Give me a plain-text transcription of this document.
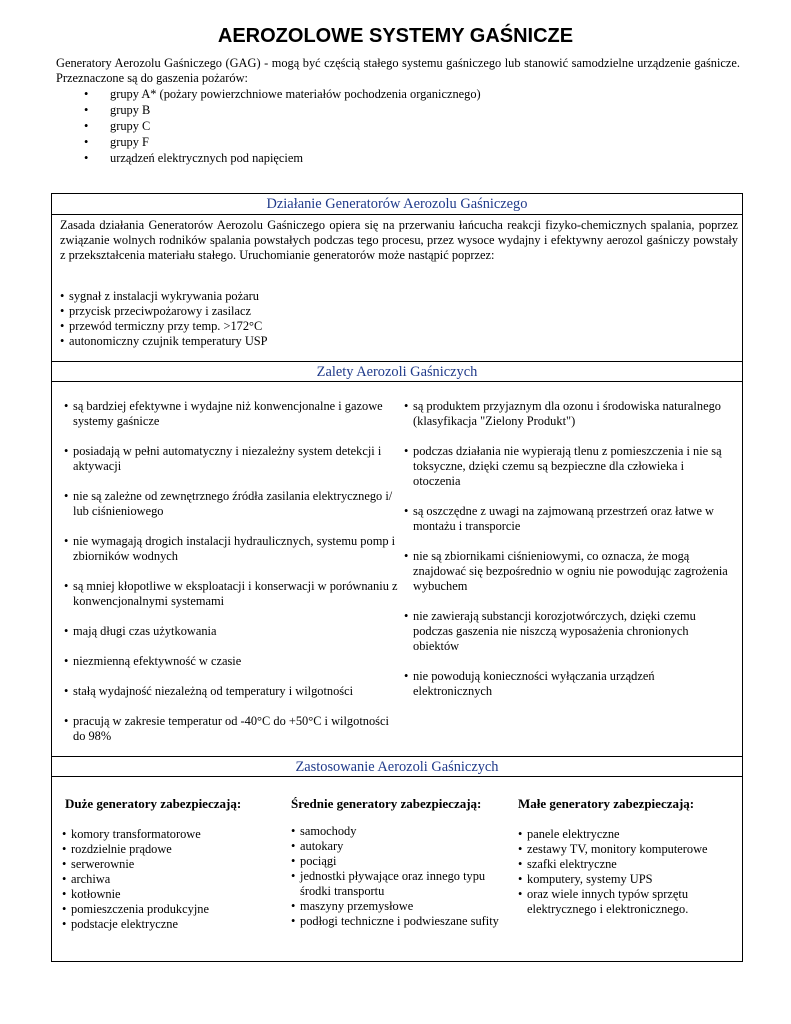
AEROZOLOWE SYSTEMY GAŚNICZE

Generatory Aerozolu Gaśniczego (GAG) - mogą być częścią stałego systemu gaśniczego lub stanowić samodzielne urządzenie gaśnicze. Przeznaczone są do gaszenia pożarów:

• grupy A* (pożary powierzchniowe materiałów pochodzenia organicznego)
• grupy B
• grupy C
• grupy F
• urządzeń elektrycznych pod napięciem
Działanie Generatorów Aerozolu Gaśniczego

Zasada działania Generatorów Aerozolu Gaśniczego opiera się na przerwaniu łańcucha reakcji fizyko-chemicznych spalania, poprzez związanie wolnych rodników spalania powstałych podczas tego procesu, przez wysoce wydajny i efektywny aerozol gaśniczy powstały z przekształcenia materiału stałego. Uruchomianie generatorów może nastąpić poprzez:

• sygnał z instalacji wykrywania pożaru
• przycisk przeciwpożarowy i zasilacz
• przewód termiczny przy temp. >172°C
• autonomiczny czujnik temperatury USP
Zalety Aerozoli Gaśniczych
• są bardziej efektywne i wydajne niż konwencjonalne i gazowe systemy gaśnicze
• posiadają w pełni automatyczny i niezależny system detekcji i aktywacji
• nie są zależne od zewnętrznego źródła zasilania elektrycznego i/ lub ciśnieniowego
• nie wymagają drogich instalacji hydraulicznych, systemu pomp i zbiorników wodnych
• są mniej kłopotliwe w eksploatacji i konserwacji w porównaniu z konwencjonalnymi systemami
• mają długi czas użytkowania
• niezmienną efektywność w czasie
• stałą wydajność niezależną od temperatury i wilgotności
• pracują w zakresie temperatur od -40°C do +50°C i wilgotności do 98%
• są produktem przyjaznym dla ozonu i środowiska naturalnego (klasyfikacja "Zielony Produkt")
• podczas działania nie wypierają tlenu z pomieszczenia i nie są toksyczne, dzięki czemu są bezpieczne dla człowieka i otoczenia
• są oszczędne z uwagi na zajmowaną przestrzeń oraz łatwe w montażu i transporcie
• nie są zbiornikami ciśnieniowymi, co oznacza, że mogą znajdować się bezpośrednio w ogniu nie powodując zagrożenia wybuchem
• nie zawierają substancji korozjotwórczych, dzięki czemu podczas gaszenia nie niszczą wyposażenia chronionych obiektów
• nie powodują konieczności wyłączania urządzeń elektronicznych
Zastosowanie Aerozoli Gaśniczych
Duże generatory zabezpieczają:
• komory transformatorowe
• rozdzielnie prądowe
• serwerownie
• archiwa
• kotłownie
• pomieszczenia produkcyjne
• podstacje elektryczne
Średnie generatory zabezpieczają:
• samochody
• autokary
• pociągi
• jednostki pływające oraz innego typu środki transportu
• maszyny przemysłowe
• podłogi techniczne i podwieszane sufity
Małe generatory zabezpieczają:
• panele elektryczne
• zestawy TV, monitory komputerowe
• szafki elektryczne
• komputery, systemy UPS
• oraz wiele innych typów sprzętu elektrycznego i elektronicznego.
